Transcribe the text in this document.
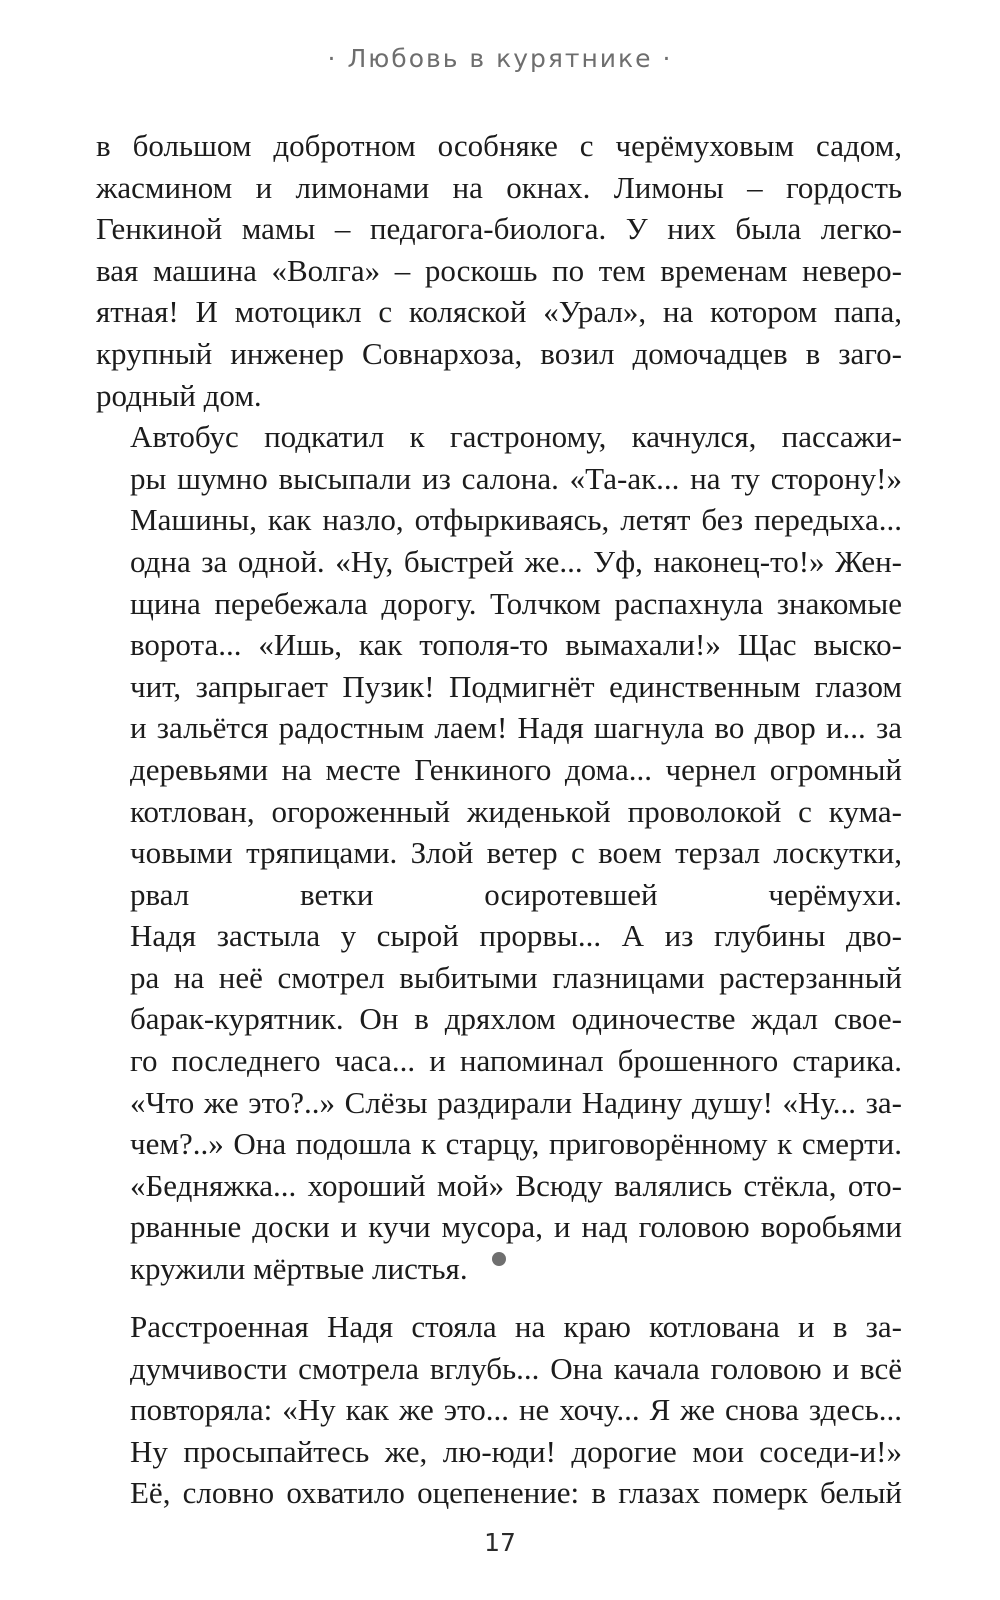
· Любовь в курятнике ·

в большом добротном особняке с черёмуховым садом,
жасмином и лимонами на окнах. Лимоны – гордость
Генкиной мамы – педагога-биолога. У них была легко-
вая машина «Волга» – роскошь по тем временам неверо-
ятная! И мотоцикл с коляской «Урал», на котором папа,
крупный инженер Совнархоза, возил домочадцев в заго-
родный дом.

Автобус подкатил к гастроному, качнулся, пассажи-
ры шумно высыпали из салона. «Та-ак... на ту сторону!»
Машины, как назло, отфыркиваясь, летят без передыха...
одна за одной. «Ну, быстрей же... Уф, наконец-то!» Жен-
щина перебежала дорогу. Толчком распахнула знакомые
ворота... «Ишь, как тополя-то вымахали!» Щас выско-
чит, запрыгает Пузик! Подмигнёт единственным глазом
и зальётся радостным лаем! Надя шагнула во двор и... за
деревьями на месте Генкиного дома... чернел огромный
котлован, огороженный жиденькой проволокой с кума-
човыми тряпицами. Злой ветер с воем терзал лоскутки,
рвал ветки осиротевшей черёмухи.

Надя застыла у сырой прорвы... А из глубины дво-
ра на неё смотрел выбитыми глазницами растерзанный
барак-курятник. Он в дряхлом одиночестве ждал свое-
го последнего часа... и напоминал брошенного старика.
«Что же это?..» Слёзы раздирали Надину душу! «Ну... за-
чем?..» Она подошла к старцу, приговорённому к смерти.
«Бедняжка... хороший мой» Всюду валялись стёкла, ото-
рванные доски и кучи мусора, и над головою воробьями
кружили мёртвые листья.

Расстроенная Надя стояла на краю котлована и в за-
думчивости смотрела вглубь... Она качала головою и всё
повторяла: «Ну как же это... не хочу... Я же снова здесь...
Ну просыпайтесь же, лю-юди! дорогие мои соседи-и!»
Её, словно охватило оцепенение: в глазах померк белый

17
